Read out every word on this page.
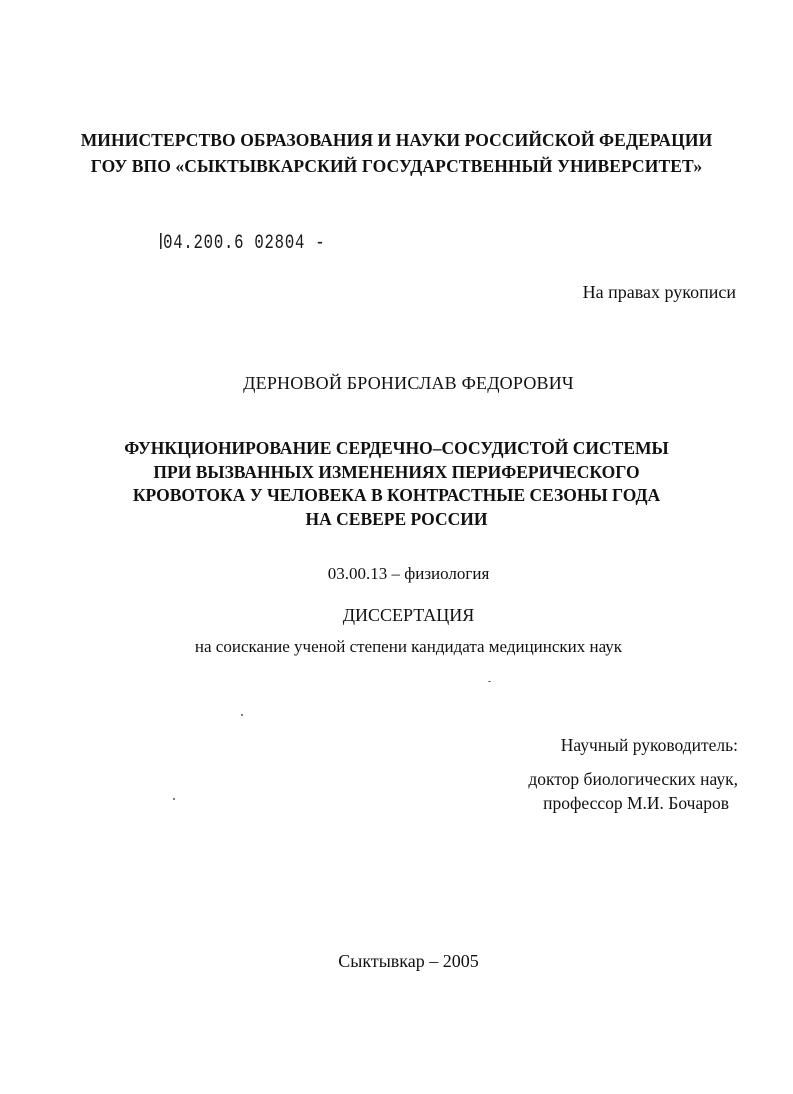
МИНИСТЕРСТВО ОБРАЗОВАНИЯ И НАУКИ РОССИЙСКОЙ ФЕДЕРАЦИИ
ГОУ ВПО «СЫКТЫВКАРСКИЙ ГОСУДАРСТВЕННЫЙ УНИВЕРСИТЕТ»
04.200.6 02804 -
На правах рукописи
ДЕРНОВОЙ БРОНИСЛАВ ФЕДОРОВИЧ
ФУНКЦИОНИРОВАНИЕ СЕРДЕЧНО–СОСУДИСТОЙ СИСТЕМЫ
ПРИ ВЫЗВАННЫХ ИЗМЕНЕНИЯХ ПЕРИФЕРИЧЕСКОГО
КРОВОТОКА У ЧЕЛОВЕКА В КОНТРАСТНЫЕ СЕЗОНЫ ГОДА
НА СЕВЕРЕ РОССИИ
03.00.13 – физиология
ДИССЕРТАЦИЯ
на соискание ученой степени кандидата медицинских наук
Научный руководитель:
доктор биологических наук,
профессор М.И. Бочаров
Сыктывкар – 2005
